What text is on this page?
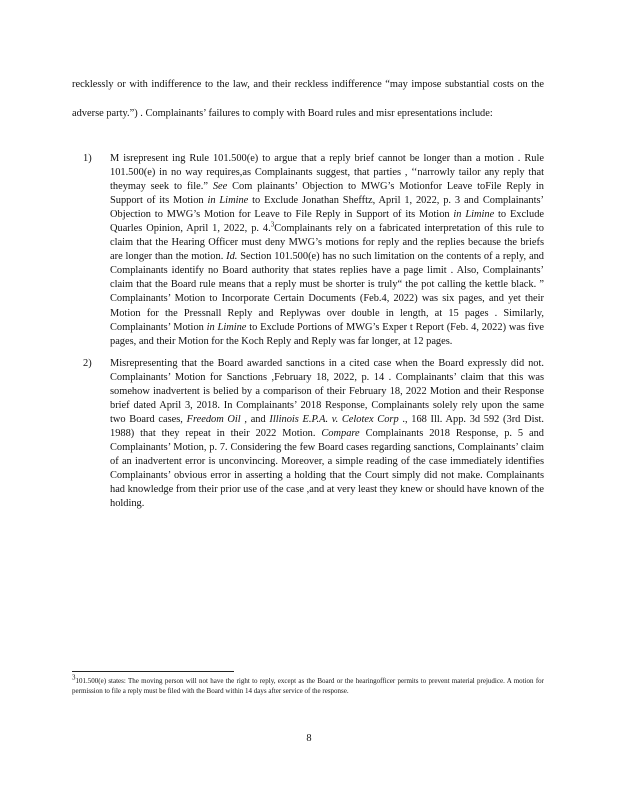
recklessly or with indifference to the law, and their reckless indifference “may impose substantial costs on the adverse party.”) . Complainants’ failures to comply with Board rules and misr epresentations include:

1) M isrepresent ing Rule 101.500(e) to argue that a reply brief cannot be longer than a motion . Rule 101.500(e) in no way requires,as Complainants suggest, that parties , ‘‘narrowly tailor any reply that theymay seek to file.” See Com plainants’ Objection to MWG’s Motionfor Leave toFile Reply in Support of its Motion in Limine to Exclude Jonathan Shefftz, April 1, 2022, p. 3 and Complainants’ Objection to MWG’s Motion for Leave to File Reply in Support of its Motion in Limine to Exclude Quarles Opinion, April 1, 2022, p. 4.$^3$Complainants rely on a fabricated interpretation of this rule to claim that the Hearing Officer must deny MWG’s motions for reply and the replies because the briefs are longer than the motion. Id. Section 101.500(e) has no such limitation on the contents of a reply, and Complainants identify no Board authority that states replies have a page limit . Also, Complainants’ claim that the Board rule means that a reply must be shorter is truly“ the pot calling the kettle black. ” Complainants’ Motion to Incorporate Certain Documents (Feb.4, 2022) was six pages, and yet their Motion for the Pressnall Reply and Replywas over double in length, at 15 pages . Similarly, Complainants’ Motion in Limine to Exclude Portions of MWG’s Exper t Report (Feb. 4, 2022) was five pages, and their Motion for the Koch Reply and Reply was far longer, at 12 pages.
2) Misrepresenting that the Board awarded sanctions in a cited case when the Board expressly did not. Complainants’ Motion for Sanctions ,February 18, 2022, p. 14 . Complainants’ claim that this was somehow inadvertent is belied by a comparison of their February 18, 2022 Motion and their Response brief dated April 3, 2018. In Complainants’ 2018 Response, Complainants solely rely upon the same two Board cases, Freedom Oil , and Illinois E.P.A. v. Celotex Corp ., 168 Ill. App. 3d 592 (3rd Dist. 1988) that they repeat in their 2022 Motion. Compare Complainants 2018 Response, p. 5 and Complainants’ Motion, p. 7. Considering the few Board cases regarding sanctions, Complainants’ claim of an inadvertent error is unconvincing. Moreover, a simple reading of the case immediately identifies Complainants’ obvious error in asserting a holding that the Court simply did not make. Complainants had knowledge from their prior use of the case ,and at very least they knew or should have known of the holding.

$^3$101.500(e) states: The moving person will not have the right to reply, except as the Board or the hearingofficer permits to prevent material prejudice. A motion for permission to file a reply must be filed with the Board within 14 days after service of the response.

8
